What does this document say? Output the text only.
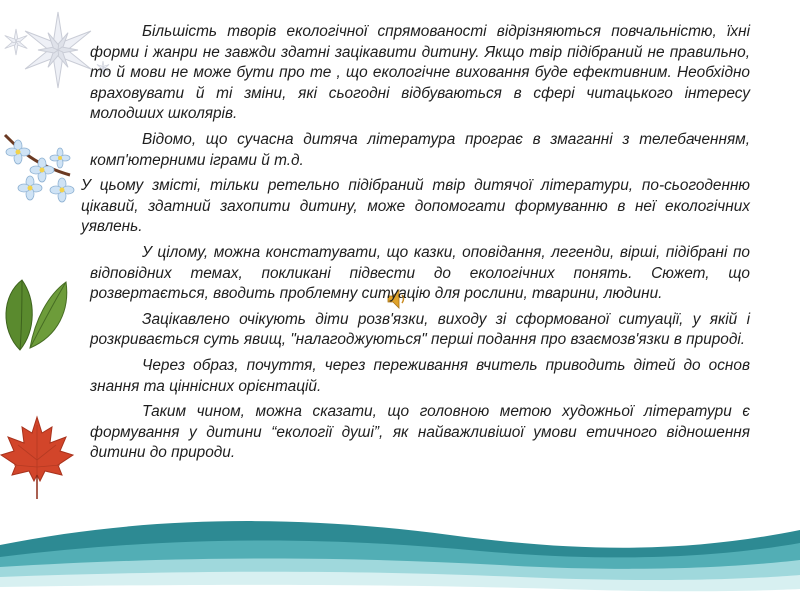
Більшість творів екологічної спрямованості відрізняються повчальністю, їхні форми і жанри не завжди здатні зацікавити дитину. Якщо твір підібраний не правильно, то й мови не може бути про те , що екологічне виховання буде ефективним. Необхідно враховувати й ті зміни, які сьогодні відбуваються в сфері читацького інтересу молодших школярів.

Відомо, що сучасна дитяча література програє в змаганні з телебаченням, комп'ютерними іграми й т.д.

У цьому змісті, тільки ретельно підібраний твір дитячої літератури, по-сьогоденню цікавий, здатний захопити дитину, може допомогати формуванню в неї екологічних уявлень.

У цілому, можна констатувати, що казки, оповідання, легенди, вірші, підібрані по відповідних темах, покликані підвести до екологічних понять. Сюжет, що розвертається, вводить проблемну ситуацію для рослини, тварини, людини.

Зацікавлено очікують діти розв'язки, виходу зі сформованої ситуації, у якій і розкривається суть явищ, "налагоджуються" перші подання про взаємозв'язки в природі.

Через образ, почуття, через переживання вчитель приводить дітей до основ знання та ціннісних орієнтацій.

Таким чином, можна сказати, що головною метою художньої літератури є формування у дитини “екології душі”, як найважливішої умови етичного відношення дитини до природи.
